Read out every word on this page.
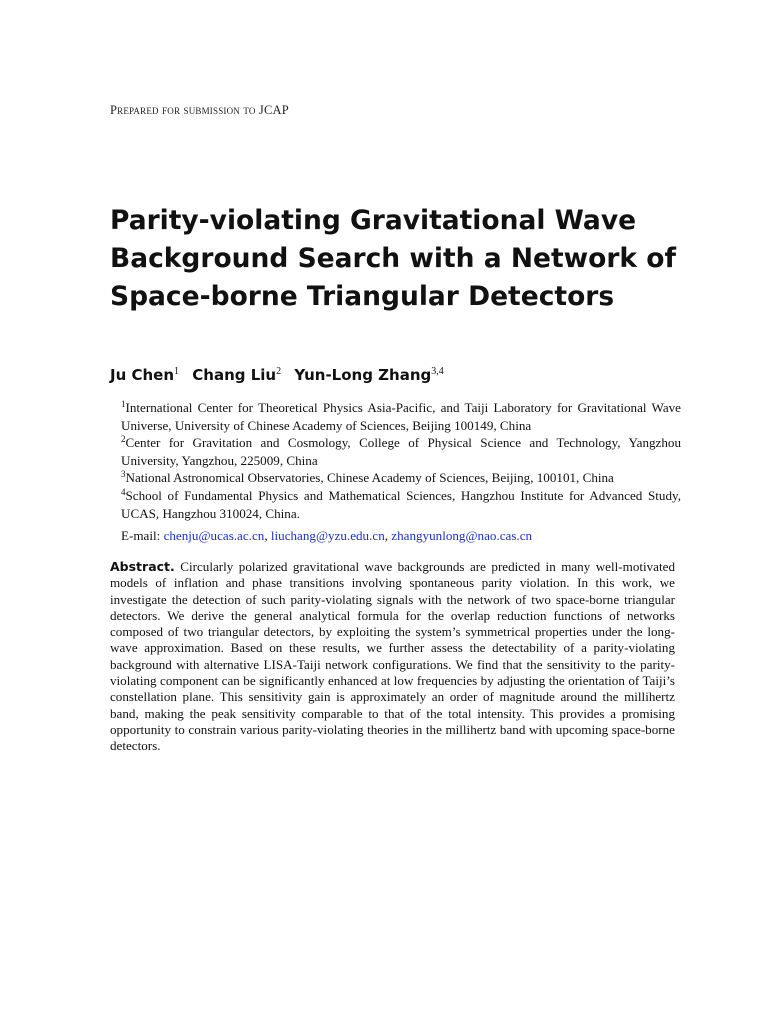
Prepared for submission to JCAP
Parity-violating Gravitational Wave
Background Search with a Network of
Space-borne Triangular Detectors
Ju Chen$^1$ Chang Liu$^2$ Yun-Long Zhang$^{3,4}$
$^1$International Center for Theoretical Physics Asia-Pacific, and Taiji Laboratory for Gravitational Wave Universe, University of Chinese Academy of Sciences, Beijing 100149, China
$^2$Center for Gravitation and Cosmology, College of Physical Science and Technology, Yangzhou University, Yangzhou, 225009, China
$^3$National Astronomical Observatories, Chinese Academy of Sciences, Beijing, 100101, China
$^4$School of Fundamental Physics and Mathematical Sciences, Hangzhou Institute for Advanced Study, UCAS, Hangzhou 310024, China.
E-mail: chenju@ucas.ac.cn, liuchang@yzu.edu.cn, zhangyunlong@nao.cas.cn
Abstract. Circularly polarized gravitational wave backgrounds are predicted in many well-motivated models of inflation and phase transitions involving spontaneous parity violation. In this work, we investigate the detection of such parity-violating signals with the network of two space-borne triangular detectors. We derive the general analytical formula for the overlap reduction functions of networks composed of two triangular detectors, by exploiting the system’s symmetrical properties under the long-wave approximation. Based on these results, we further assess the detectability of a parity-violating background with alternative LISA-Taiji network configurations. We find that the sensitivity to the parity-violating component can be significantly enhanced at low frequencies by adjusting the orientation of Taiji’s constellation plane. This sensitivity gain is approximately an order of magnitude around the millihertz band, making the peak sensitivity comparable to that of the total intensity. This provides a promising opportunity to constrain various parity-violating theories in the millihertz band with upcoming space-borne detectors.
